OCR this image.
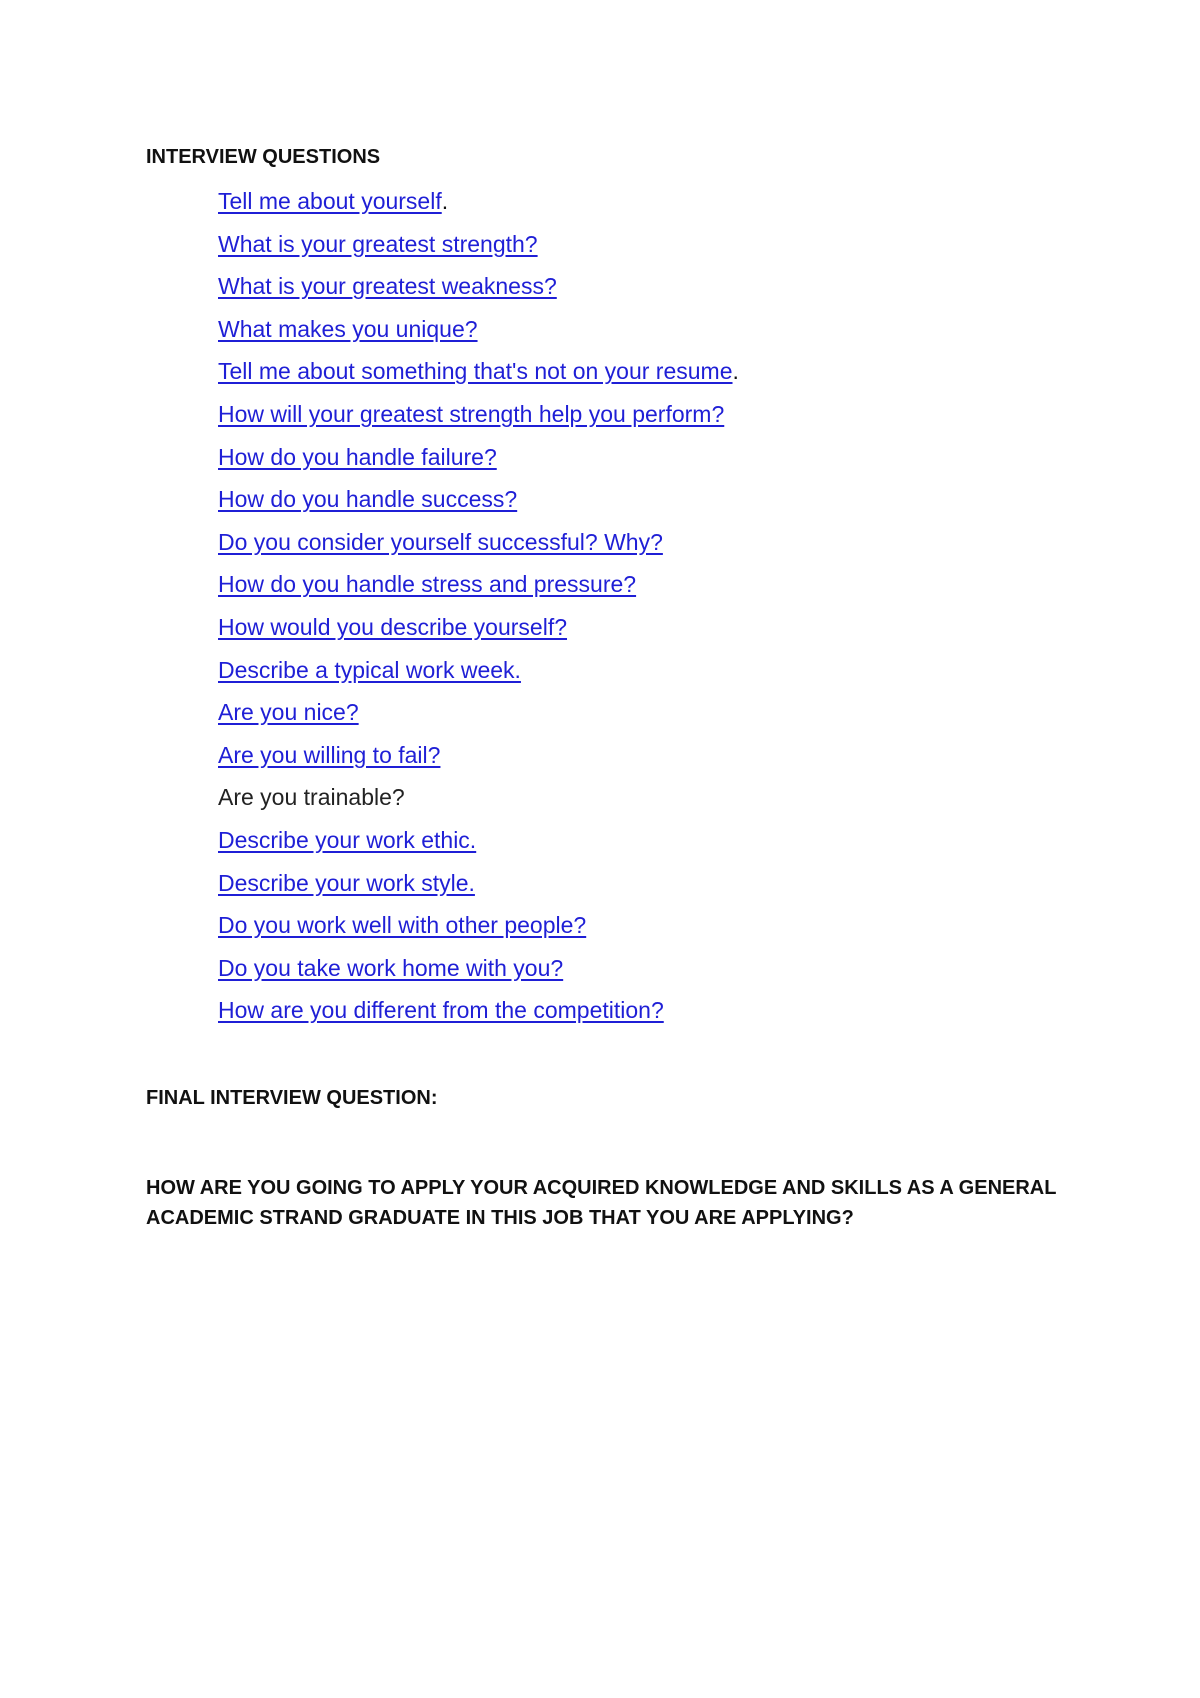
INTERVIEW QUESTIONS
Tell me about yourself.
What is your greatest strength?
What is your greatest weakness?
What makes you unique?
Tell me about something that's not on your resume.
How will your greatest strength help you perform?
How do you handle failure?
How do you handle success?
Do you consider yourself successful? Why?
How do you handle stress and pressure?
How would you describe yourself?
Describe a typical work week.
Are you nice?
Are you willing to fail?
Are you trainable?
Describe your work ethic.
Describe your work style.
Do you work well with other people?
Do you take work home with you?
How are you different from the competition?
FINAL INTERVIEW QUESTION:
HOW ARE YOU GOING TO APPLY YOUR ACQUIRED KNOWLEDGE AND SKILLS AS A GENERAL ACADEMIC STRAND GRADUATE IN THIS JOB THAT YOU ARE APPLYING?
